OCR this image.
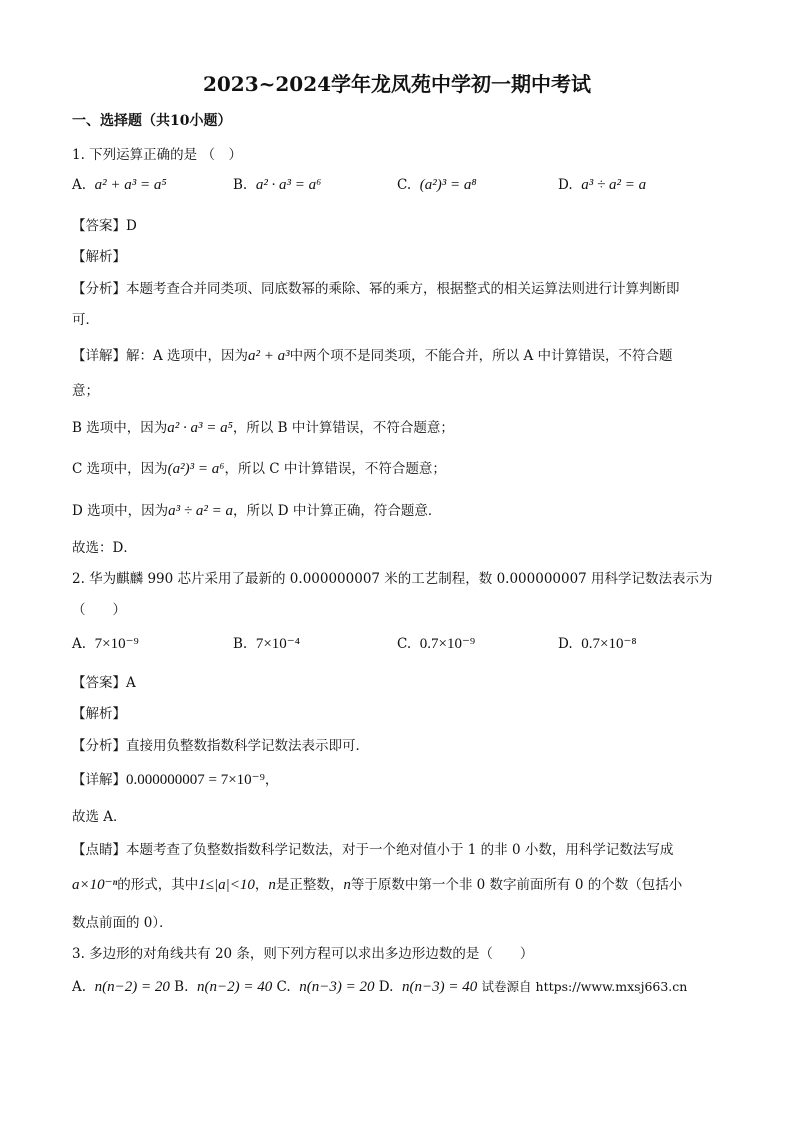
2023~2024学年龙凤苑中学初一期中考试
一、选择题（共10小题）
1. 下列运算正确的是 （　）
A. a² + a³ = a⁵	B. a² · a³ = a⁶	C. (a²)³ = a⁸	D. a³ ÷ a² = a
【答案】D
【解析】
【分析】本题考查合并同类项、同底数幂的乘除、幂的乘方，根据整式的相关运算法则进行计算判断即
可．
【详解】解：A 选项中，因为a² + a³中两个项不是同类项，不能合并，所以 A 中计算错误，不符合题
意；
B 选项中，因为a² · a³ = a⁵，所以 B 中计算错误，不符合题意；
C 选项中，因为(a²)³ = a⁶，所以 C 中计算错误，不符合题意；
D 选项中，因为a³ ÷ a² = a，所以 D 中计算正确，符合题意．
故选：D．
2. 华为麒麟 990 芯片采用了最新的 0.000000007 米的工艺制程，数 0.000000007 用科学记数法表示为
（　　）
A. 7×10⁻⁹	B. 7×10⁻⁴	C. 0.7×10⁻⁹	D. 0.7×10⁻⁸
【答案】A
【解析】
【分析】直接用负整数指数科学记数法表示即可．
【详解】0.000000007 = 7×10⁻⁹，
故选 A．
【点睛】本题考查了负整数指数科学记数法，对于一个绝对值小于 1 的非 0 小数，用科学记数法写成
a×10⁻ⁿ的形式，其中1≤|a|<10，n是正整数，n等于原数中第一个非 0 数字前面所有 0 的个数（包括小
数点前面的 0）．
3. 多边形的对角线共有 20 条，则下列方程可以求出多边形边数的是（　　）
A. n(n−2) = 20 B. n(n−2) = 40 C. n(n−3) = 20 D. n(n−3) = 40 试卷源自 https://www.mxsj663.cn
